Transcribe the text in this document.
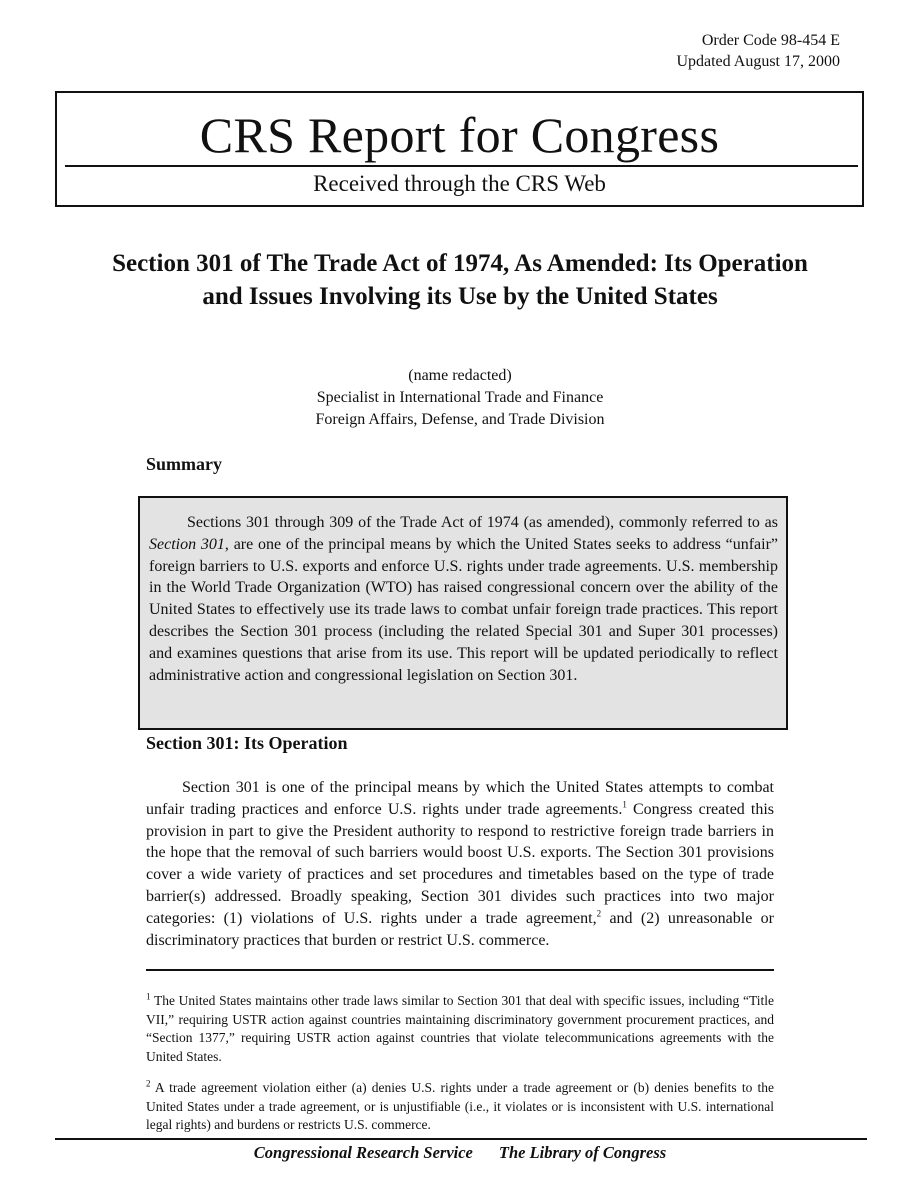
Order Code 98-454 E
Updated August 17, 2000
CRS Report for Congress
Received through the CRS Web
Section 301 of The Trade Act of 1974, As Amended: Its Operation and Issues Involving its Use by the United States
(name redacted)
Specialist in International Trade and Finance
Foreign Affairs, Defense, and Trade Division
Summary
Sections 301 through 309 of the Trade Act of 1974 (as amended), commonly referred to as Section 301, are one of the principal means by which the United States seeks to address “unfair” foreign barriers to U.S. exports and enforce U.S. rights under trade agreements. U.S. membership in the World Trade Organization (WTO) has raised congressional concern over the ability of the United States to effectively use its trade laws to combat unfair foreign trade practices. This report describes the Section 301 process (including the related Special 301 and Super 301 processes) and examines questions that arise from its use. This report will be updated periodically to reflect administrative action and congressional legislation on Section 301.
Section 301: Its Operation

Section 301 is one of the principal means by which the United States attempts to combat unfair trading practices and enforce U.S. rights under trade agreements.$^1$ Congress created this provision in part to give the President authority to respond to restrictive foreign trade barriers in the hope that the removal of such barriers would boost U.S. exports. The Section 301 provisions cover a wide variety of practices and set procedures and timetables based on the type of trade barrier(s) addressed. Broadly speaking, Section 301 divides such practices into two major categories: (1) violations of U.S. rights under a trade agreement,$^2$ and (2) unreasonable or discriminatory practices that burden or restrict U.S. commerce.

$^1$ The United States maintains other trade laws similar to Section 301 that deal with specific issues, including “Title VII,” requiring USTR action against countries maintaining discriminatory government procurement practices, and “Section 1377,” requiring USTR action against countries that violate telecommunications agreements with the United States.

$^2$ A trade agreement violation either (a) denies U.S. rights under a trade agreement or (b) denies benefits to the United States under a trade agreement, or is unjustifiable (i.e., it violates or is inconsistent with U.S. international legal rights) and burdens or restricts U.S. commerce.

Congressional Research Service The Library of Congress
